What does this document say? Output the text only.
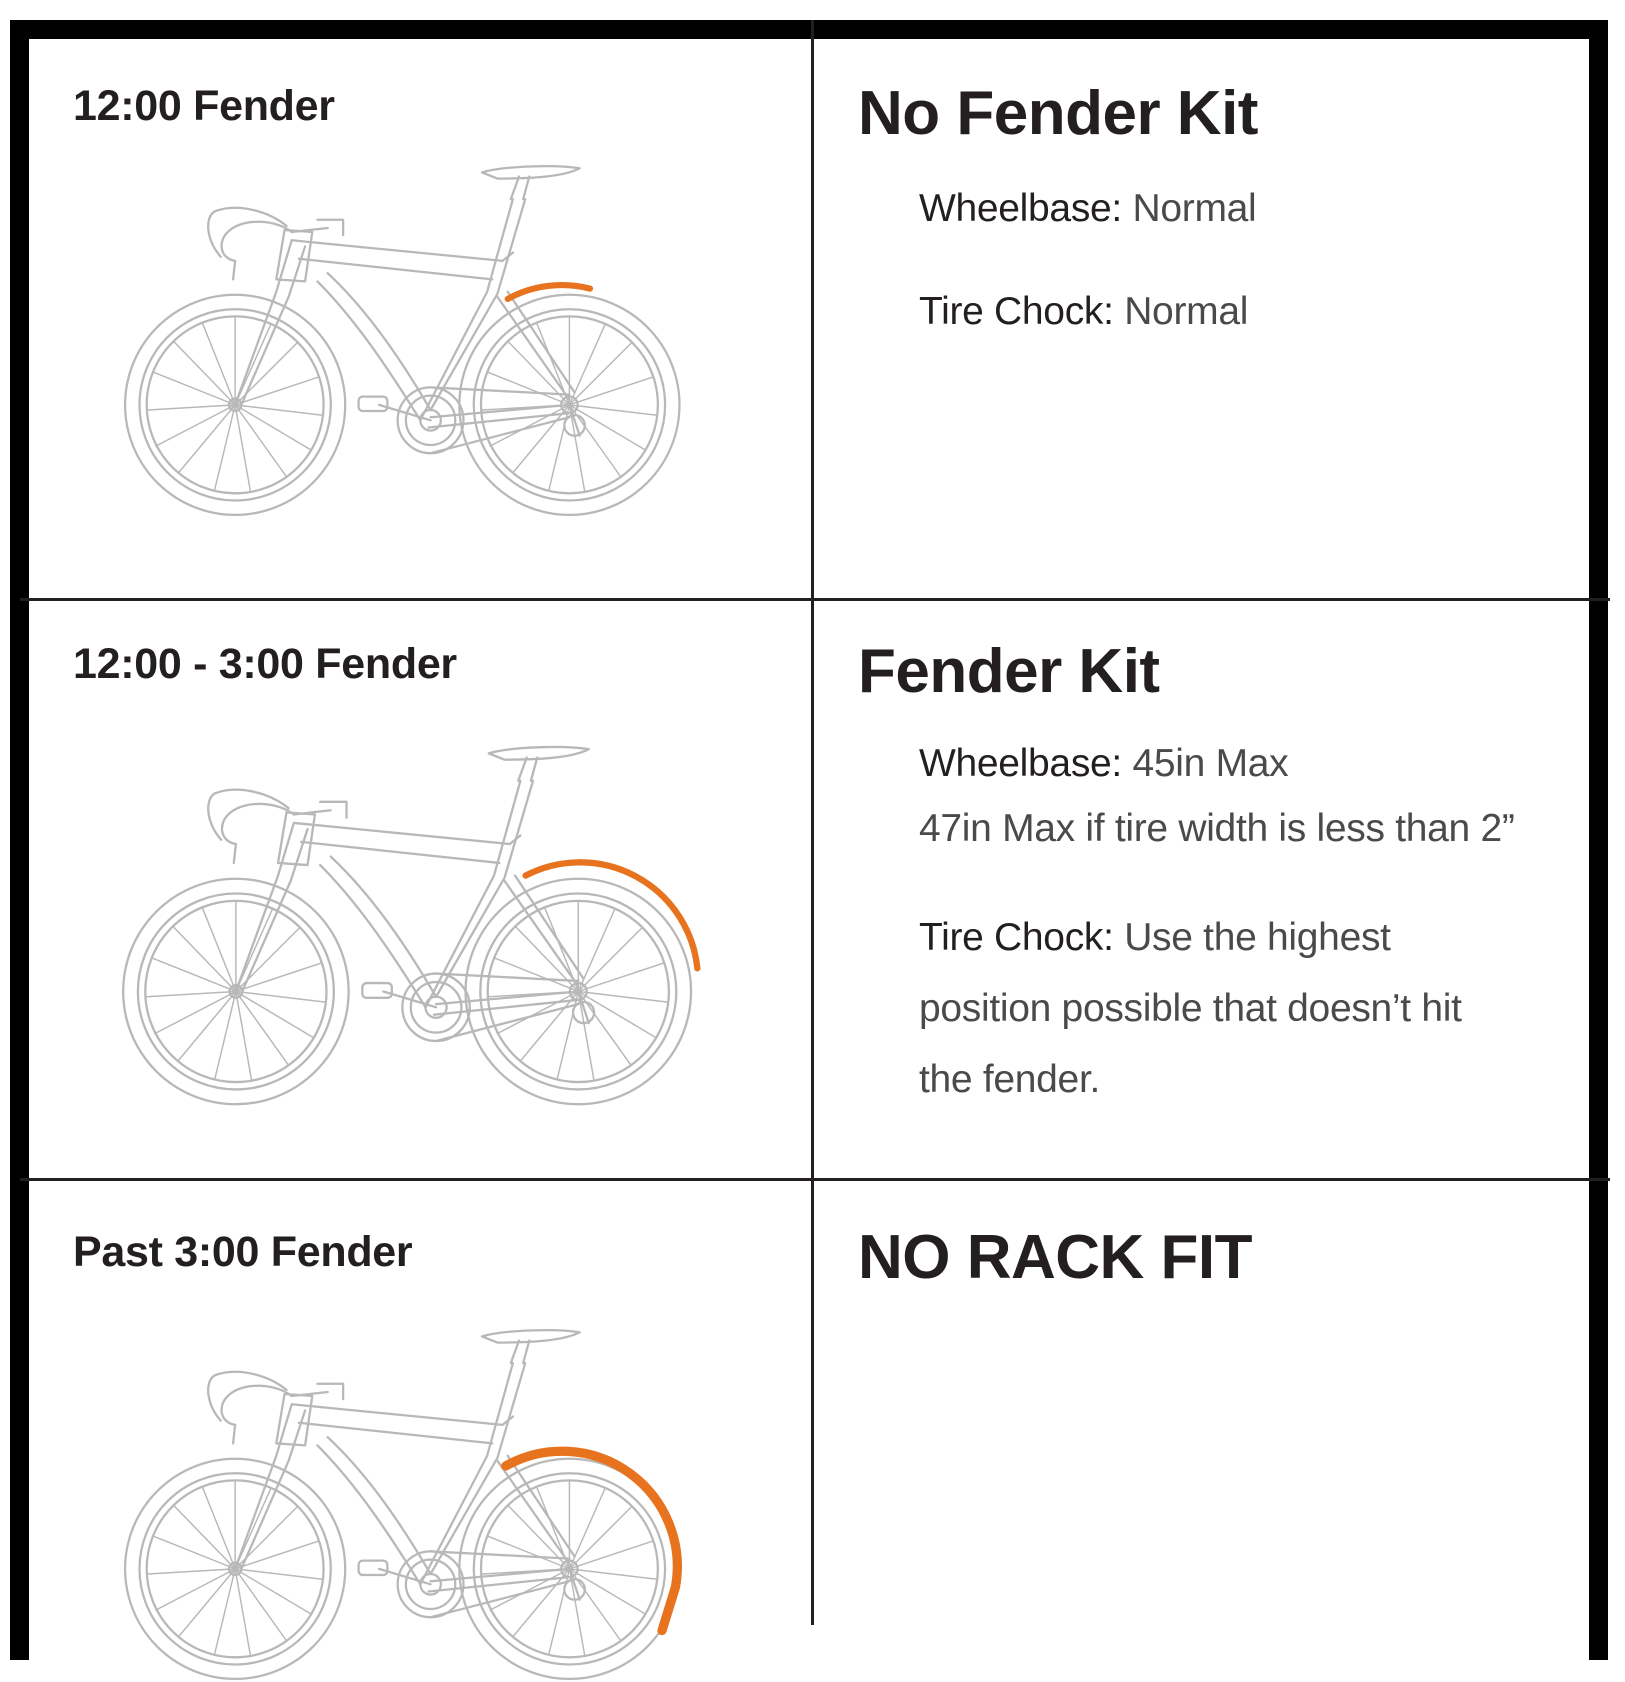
12:00 Fender	No Fender Kit
Wheelbase: Normal
Tire Chock: Normal
12:00 - 3:00 Fender	Fender Kit
Wheelbase: 45in Max
47in Max if tire width is less than 2”
Tire Chock: Use the highest
position possible that doesn’t hit
the fender.
Past 3:00 Fender	NO RACK FIT
